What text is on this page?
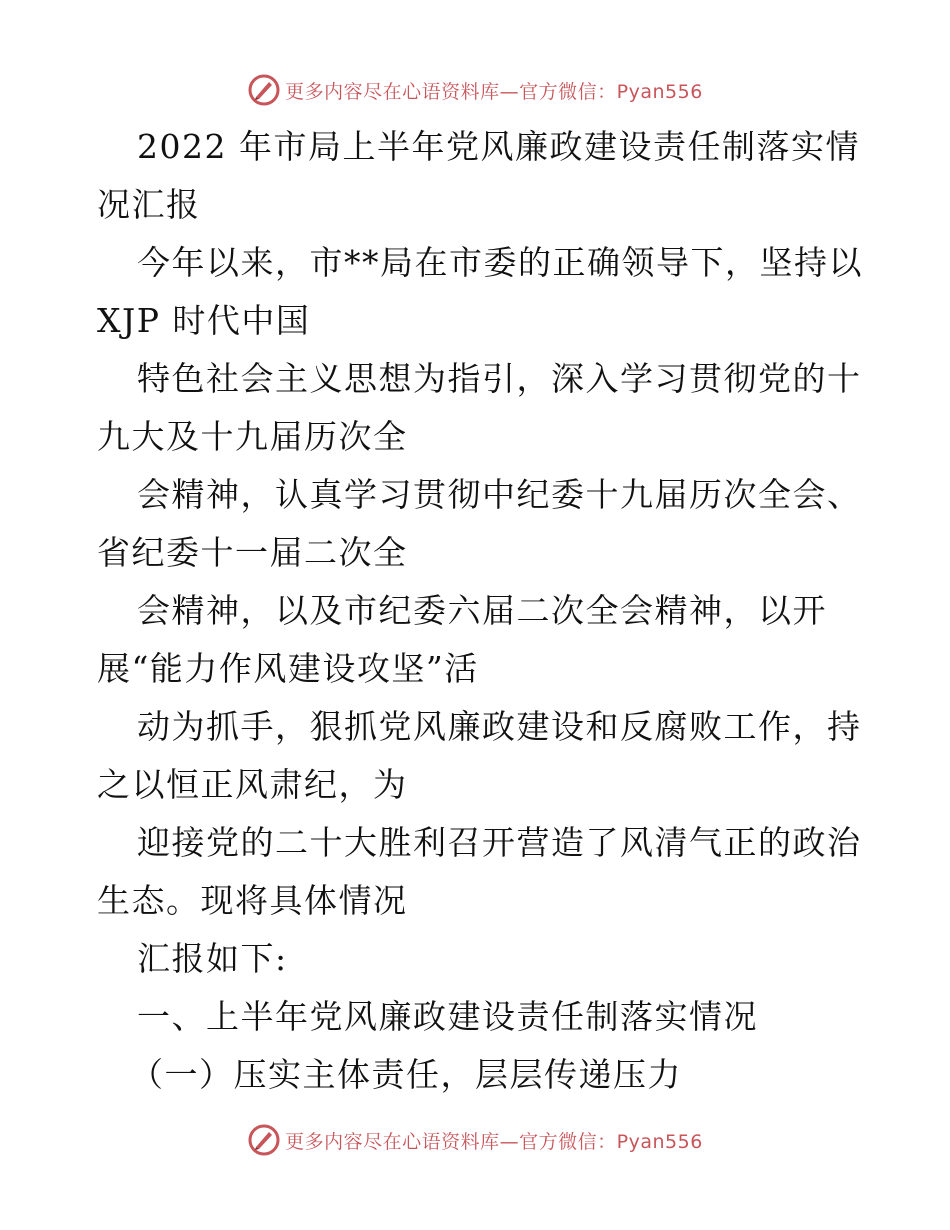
更多内容尽在心语资料库—官方微信：Pyan556
2022 年市局上半年党风廉政建设责任制落实情
况汇报
今年以来，市**局在市委的正确领导下，坚持以
XJP 时代中国
特色社会主义思想为指引，深入学习贯彻党的十
九大及十九届历次全
会精神，认真学习贯彻中纪委十九届历次全会、
省纪委十一届二次全
会精神，以及市纪委六届二次全会精神，以开
展“能力作风建设攻坚”活
动为抓手，狠抓党风廉政建设和反腐败工作，持
之以恒正风肃纪，为
迎接党的二十大胜利召开营造了风清气正的政治
生态。现将具体情况
汇报如下:
一、上半年党风廉政建设责任制落实情况
（一）压实主体责任，层层传递压力
更多内容尽在心语资料库—官方微信：Pyan556
